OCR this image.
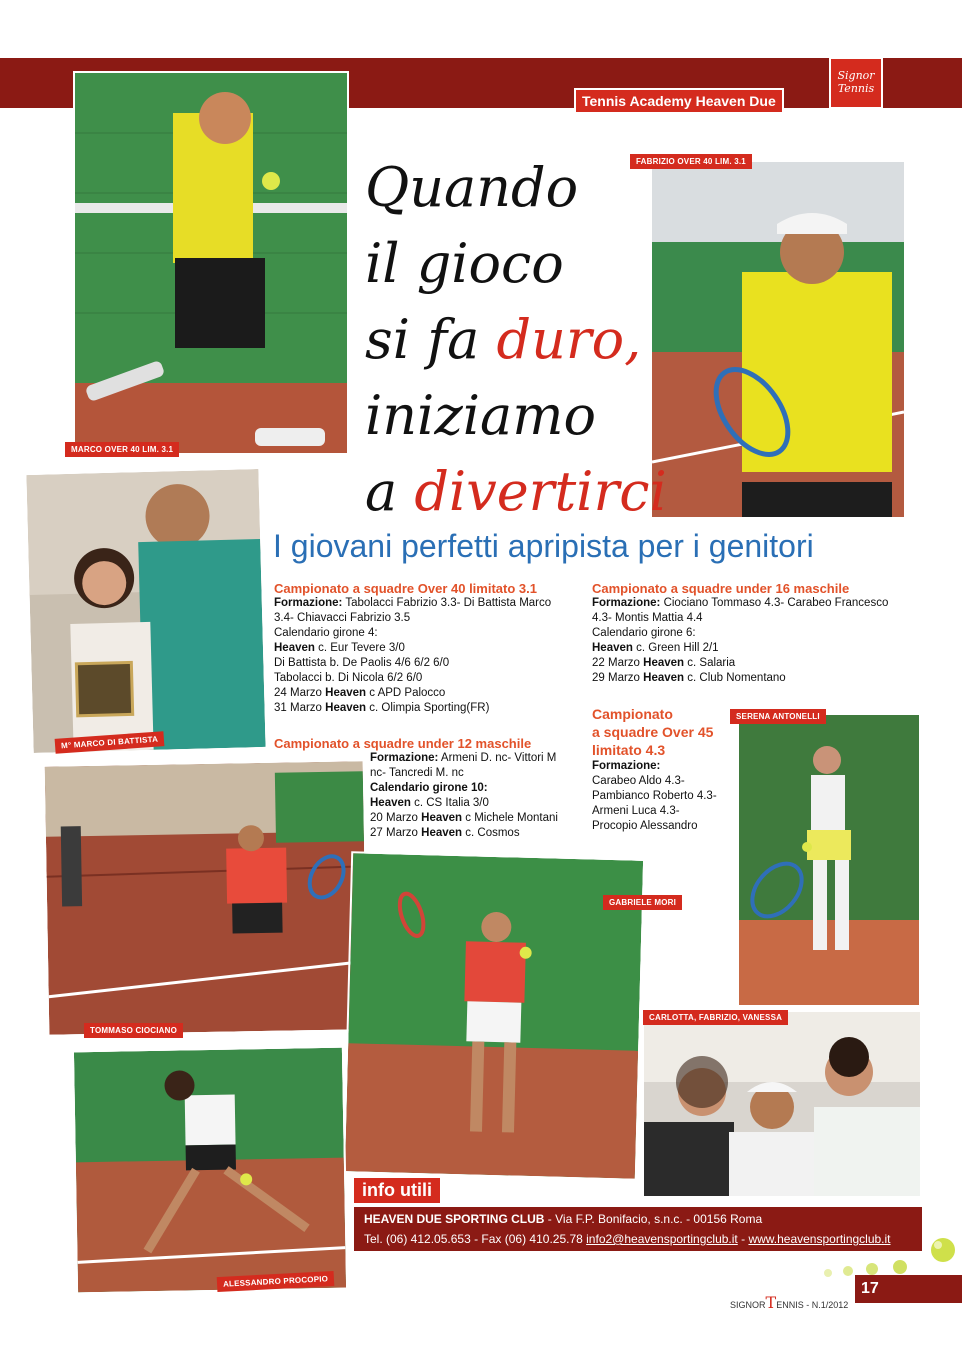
Signor
Tennis
Tennis Academy Heaven Due
MARCO OVER 40 LIM. 3.1
FABRIZIO OVER 40 LIM. 3.1
Quando
il gioco
si fa duro,
iniziamo
a divertirci
M° MARCO DI BATTISTA
I giovani perfetti apripista per i genitori
Campionato a squadre Over 40 limitato 3.1
Formazione: Tabolacci Fabrizio 3.3- Di Battista Marco 3.4- Chiavacci Fabrizio 3.5
Calendario girone 4:
Heaven c. Eur Tevere 3/0
Di Battista b. De Paolis 4/6 6/2 6/0
Tabolacci b. Di Nicola 6/2 6/0
24 Marzo Heaven c APD Palocco
31 Marzo Heaven c. Olimpia Sporting(FR)
Campionato a squadre under 16 maschile
Formazione: Ciociano Tommaso 4.3- Carabeo Francesco 4.3- Montis Mattia 4.4
Calendario girone 6:
Heaven c. Green Hill 2/1
22 Marzo Heaven c. Salaria
29 Marzo Heaven c. Club Nomentano
Campionato
a squadre Over 45
limitato 4.3
Formazione:
Carabeo Aldo 4.3-
Pambianco Roberto 4.3-
Armeni Luca 4.3-
Procopio Alessandro
SERENA ANTONELLI
Campionato a squadre under 12 maschile
Formazione: Armeni D. nc- Vittori M nc- Tancredi M. nc
Calendario girone 10:
Heaven c. CS Italia 3/0
20 Marzo Heaven c Michele Montani
27 Marzo Heaven c. Cosmos
TOMMASO CIOCIANO
GABRIELE MORI
CARLOTTA, FABRIZIO, VANESSA
ALESSANDRO PROCOPIO
info utili
HEAVEN DUE SPORTING CLUB - Via F.P. Bonifacio, s.n.c. - 00156 Roma
Tel. (06) 412.05.653 - Fax (06) 410.25.78 info2@heavensportingclub.it - www.heavensportingclub.it
17
SIGNORTENNIS - N.1/2012
